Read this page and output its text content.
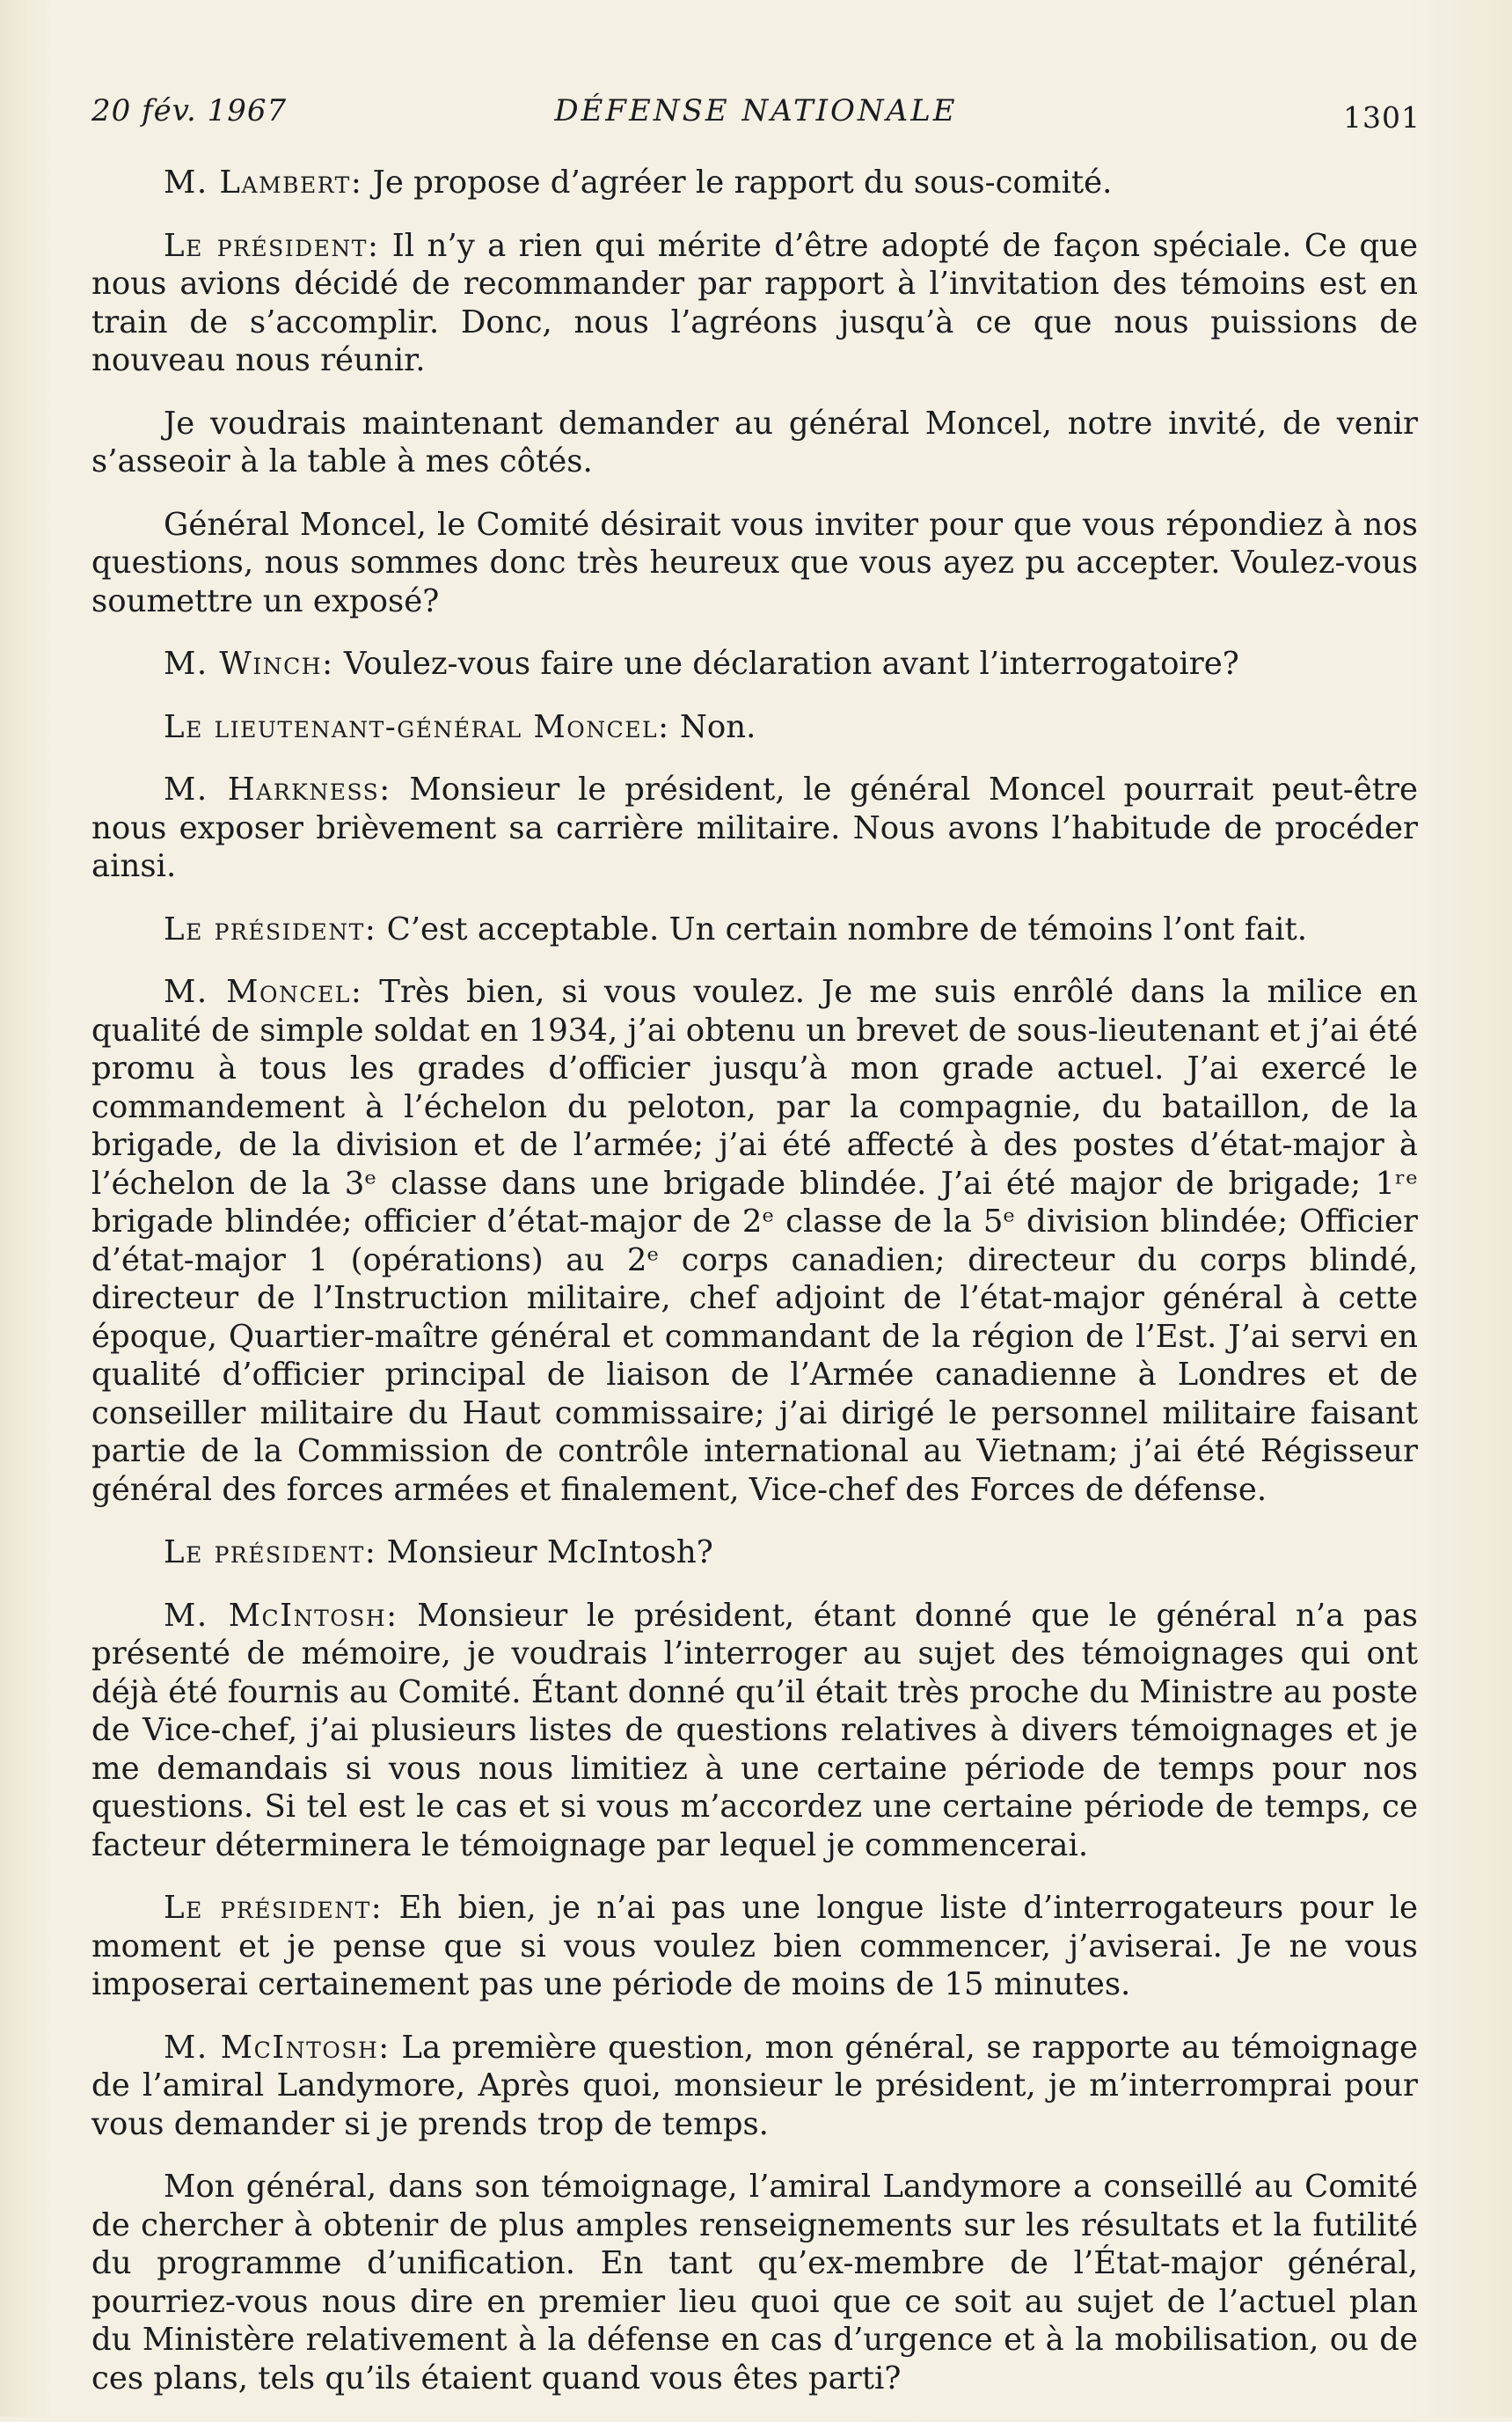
20 fév. 1967	DÉFENSE NATIONALE	1301

M. Lambert: Je propose d’agréer le rapport du sous-comité.

Le président: Il n’y a rien qui mérite d’être adopté de façon spéciale. Ce que nous avions décidé de recommander par rapport à l’invitation des témoins est en train de s’accomplir. Donc, nous l’agréons jusqu’à ce que nous puissions de nouveau nous réunir.

Je voudrais maintenant demander au général Moncel, notre invité, de venir s’asseoir à la table à mes côtés.

Général Moncel, le Comité désirait vous inviter pour que vous répondiez à nos questions, nous sommes donc très heureux que vous ayez pu accepter. Voulez-vous soumettre un exposé?

M. Winch: Voulez-vous faire une déclaration avant l’interrogatoire?

Le lieutenant-général Moncel: Non.

M. Harkness: Monsieur le président, le général Moncel pourrait peut-être nous exposer brièvement sa carrière militaire. Nous avons l’habitude de procéder ainsi.

Le président: C’est acceptable. Un certain nombre de témoins l’ont fait.

M. Moncel: Très bien, si vous voulez. Je me suis enrôlé dans la milice en qualité de simple soldat en 1934, j’ai obtenu un brevet de sous-lieutenant et j’ai été promu à tous les grades d’officier jusqu’à mon grade actuel. J’ai exercé le commandement à l’échelon du peloton, par la compagnie, du bataillon, de la brigade, de la division et de l’armée; j’ai été affecté à des postes d’état-major à l’échelon de la 3ᵉ classe dans une brigade blindée. J’ai été major de brigade; 1ʳᵉ brigade blindée; officier d’état-major de 2ᵉ classe de la 5ᵉ division blindée; Officier d’état-major 1 (opérations) au 2ᵉ corps canadien; directeur du corps blindé, directeur de l’Instruction militaire, chef adjoint de l’état-major général à cette époque, Quartier-maître général et commandant de la région de l’Est. J’ai servi en qualité d’officier principal de liaison de l’Armée canadienne à Londres et de conseiller militaire du Haut commissaire; j’ai dirigé le personnel militaire faisant partie de la Commission de contrôle international au Vietnam; j’ai été Régisseur général des forces armées et finalement, Vice-chef des Forces de défense.

Le président: Monsieur McIntosh?

M. McIntosh: Monsieur le président, étant donné que le général n’a pas présenté de mémoire, je voudrais l’interroger au sujet des témoignages qui ont déjà été fournis au Comité. Étant donné qu’il était très proche du Ministre au poste de Vice-chef, j’ai plusieurs listes de questions relatives à divers témoignages et je me demandais si vous nous limitiez à une certaine période de temps pour nos questions. Si tel est le cas et si vous m’accordez une certaine période de temps, ce facteur déterminera le témoignage par lequel je commencerai.

Le président: Eh bien, je n’ai pas une longue liste d’interrogateurs pour le moment et je pense que si vous voulez bien commencer, j’aviserai. Je ne vous imposerai certainement pas une période de moins de 15 minutes.

M. McIntosh: La première question, mon général, se rapporte au témoignage de l’amiral Landymore, Après quoi, monsieur le président, je m’interromprai pour vous demander si je prends trop de temps.

Mon général, dans son témoignage, l’amiral Landymore a conseillé au Comité de chercher à obtenir de plus amples renseignements sur les résultats et la futilité du programme d’unification. En tant qu’ex-membre de l’État-major général, pourriez-vous nous dire en premier lieu quoi que ce soit au sujet de l’actuel plan du Ministère relativement à la défense en cas d’urgence et à la mobilisation, ou de ces plans, tels qu’ils étaient quand vous êtes parti?
